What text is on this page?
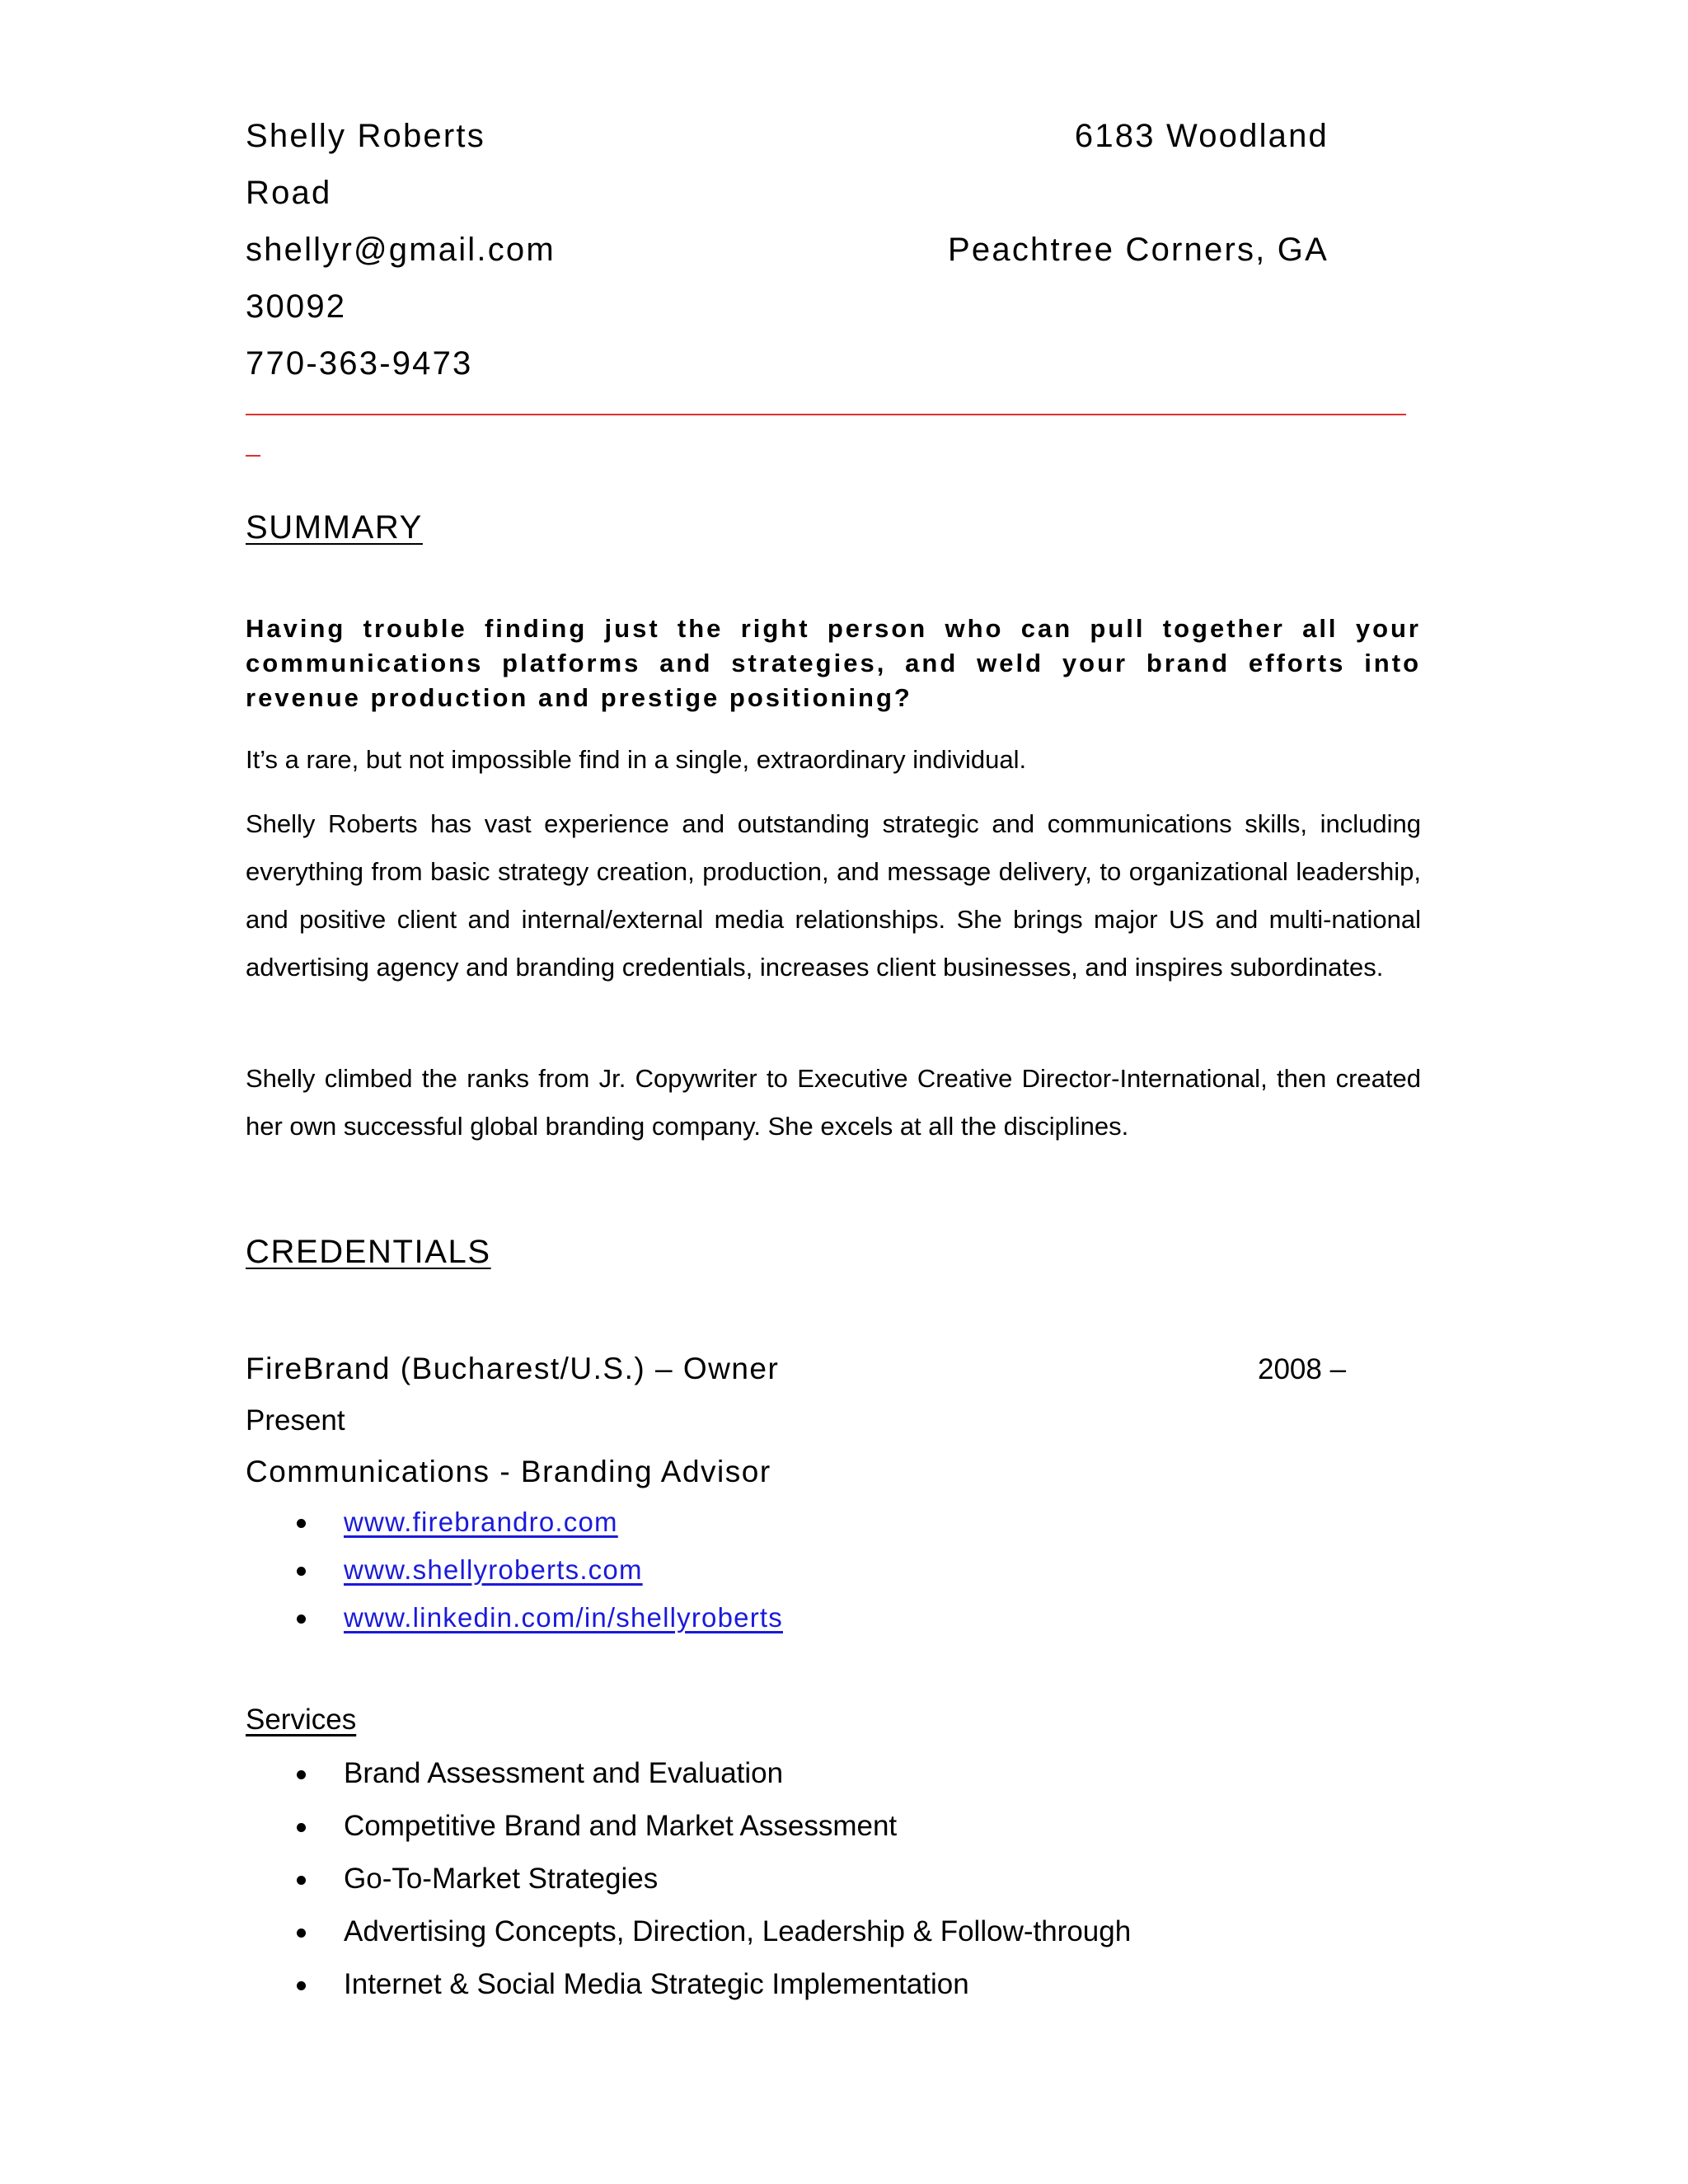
Shelly Roberts	6183 Woodland

Road

shellyr@gmail.com	Peachtree Corners, GA

30092

770-363-9473

SUMMARY

Having trouble finding just the right person who can pull together all your communications platforms and strategies, and weld your brand efforts into revenue production and prestige positioning?

It’s a rare, but not impossible find in a single, extraordinary individual.

Shelly Roberts has vast experience and outstanding strategic and communications skills, including everything from basic strategy creation, production, and message delivery, to organizational leadership, and positive client and internal/external media relationships. She brings major US and multi-national advertising agency and branding credentials, increases client businesses, and inspires subordinates.

Shelly climbed the ranks from Jr. Copywriter to Executive Creative Director-International, then created her own successful global branding company. She excels at all the disciplines.

CREDENTIALS

FireBrand (Bucharest/U.S.) – Owner	2008 –

Present

Communications - Branding Advisor

www.firebrandro.com
www.shellyroberts.com
www.linkedin.com/in/shellyroberts

Services

Brand Assessment and Evaluation
Competitive Brand and Market Assessment
Go-To-Market Strategies
Advertising Concepts, Direction, Leadership & Follow-through
Internet & Social Media Strategic Implementation
